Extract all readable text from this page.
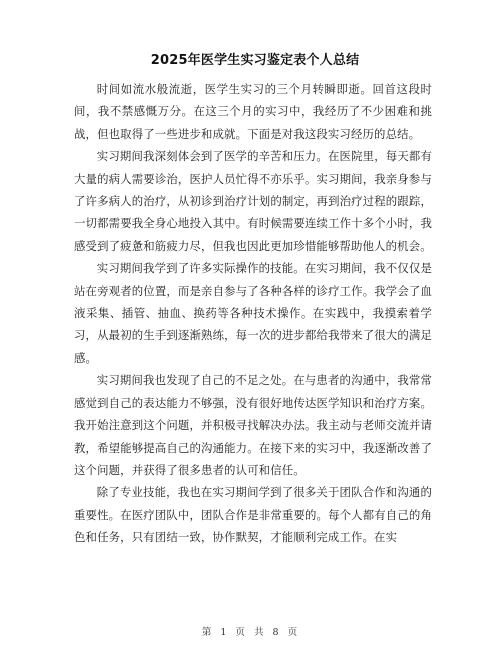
2025年医学生实习鉴定表个人总结

时间如流水般流逝，医学生实习的三个月转瞬即逝。回首这段时间，我不禁感慨万分。在这三个月的实习中，我经历了不少困难和挑战，但也取得了一些进步和成就。下面是对我这段实习经历的总结。

实习期间我深刻体会到了医学的辛苦和压力。在医院里，每天都有大量的病人需要诊治，医护人员忙得不亦乐乎。实习期间，我亲身参与了许多病人的治疗，从初诊到治疗计划的制定，再到治疗过程的跟踪，一切都需要我全身心地投入其中。有时候需要连续工作十多个小时，我感受到了疲惫和筋疲力尽，但我也因此更加珍惜能够帮助他人的机会。

实习期间我学到了许多实际操作的技能。在实习期间，我不仅仅是站在旁观者的位置，而是亲自参与了各种各样的诊疗工作。我学会了血液采集、插管、抽血、换药等各种技术操作。在实践中，我摸索着学习，从最初的生手到逐渐熟练，每一次的进步都给我带来了很大的满足感。

实习期间我也发现了自己的不足之处。在与患者的沟通中，我常常感觉到自己的表达能力不够强，没有很好地传达医学知识和治疗方案。我开始注意到这个问题，并积极寻找解决办法。我主动与老师交流并请教，希望能够提高自己的沟通能力。在接下来的实习中，我逐渐改善了这个问题，并获得了很多患者的认可和信任。

除了专业技能，我也在实习期间学到了很多关于团队合作和沟通的重要性。在医疗团队中，团队合作是非常重要的。每个人都有自己的角色和任务，只有团结一致，协作默契，才能顺利完成工作。在实

第 1 页 共 8 页
